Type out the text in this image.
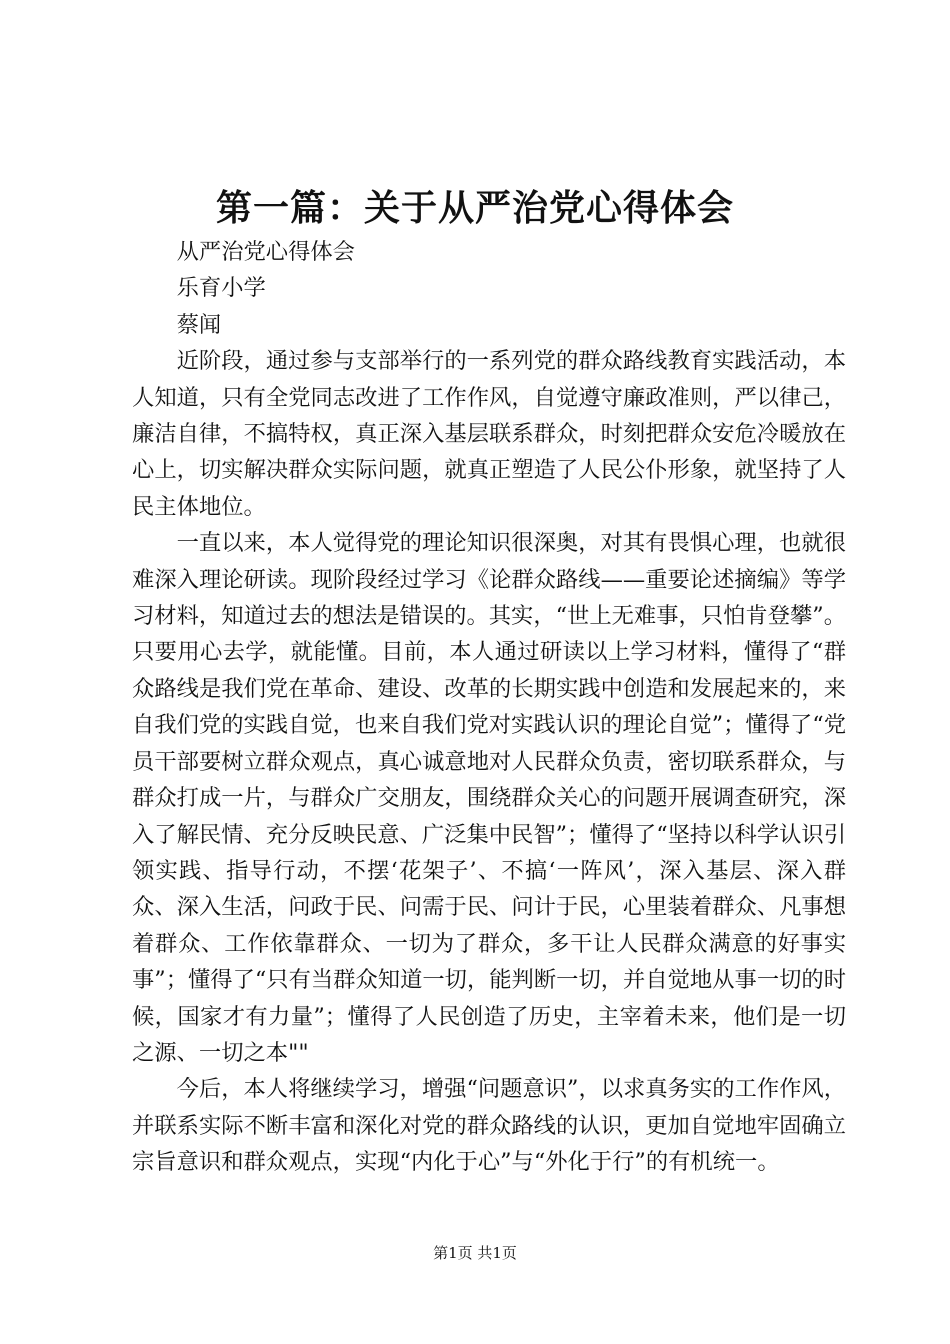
第一篇：关于从严治党心得体会

从严治党心得体会

乐育小学

蔡闻

近阶段，通过参与支部举行的一系列党的群众路线教育实践活动，本人知道，只有全党同志改进了工作作风，自觉遵守廉政准则，严以律己，廉洁自律，不搞特权，真正深入基层联系群众，时刻把群众安危冷暖放在心上，切实解决群众实际问题，就真正塑造了人民公仆形象，就坚持了人民主体地位。

一直以来，本人觉得党的理论知识很深奥，对其有畏惧心理，也就很难深入理论研读。现阶段经过学习《论群众路线——重要论述摘编》等学习材料，知道过去的想法是错误的。其实，“世上无难事，只怕肯登攀”。只要用心去学，就能懂。目前，本人通过研读以上学习材料，懂得了“群众路线是我们党在革命、建设、改革的长期实践中创造和发展起来的，来自我们党的实践自觉，也来自我们党对实践认识的理论自觉”；懂得了“党员干部要树立群众观点，真心诚意地对人民群众负责，密切联系群众，与群众打成一片，与群众广交朋友，围绕群众关心的问题开展调查研究，深入了解民情、充分反映民意、广泛集中民智”；懂得了“坚持以科学认识引领实践、指导行动，不摆‘花架子’、不搞‘一阵风’，深入基层、深入群众、深入生活，问政于民、问需于民、问计于民，心里装着群众、凡事想着群众、工作依靠群众、一切为了群众，多干让人民群众满意的好事实事”；懂得了“只有当群众知道一切，能判断一切，并自觉地从事一切的时候，国家才有力量”；懂得了人民创造了历史，主宰着未来，他们是一切之源、一切之本""

今后，本人将继续学习，增强“问题意识”，以求真务实的工作作风，并联系实际不断丰富和深化对党的群众路线的认识，更加自觉地牢固确立宗旨意识和群众观点，实现“内化于心”与“外化于行”的有机统一。

第1页 共1页
